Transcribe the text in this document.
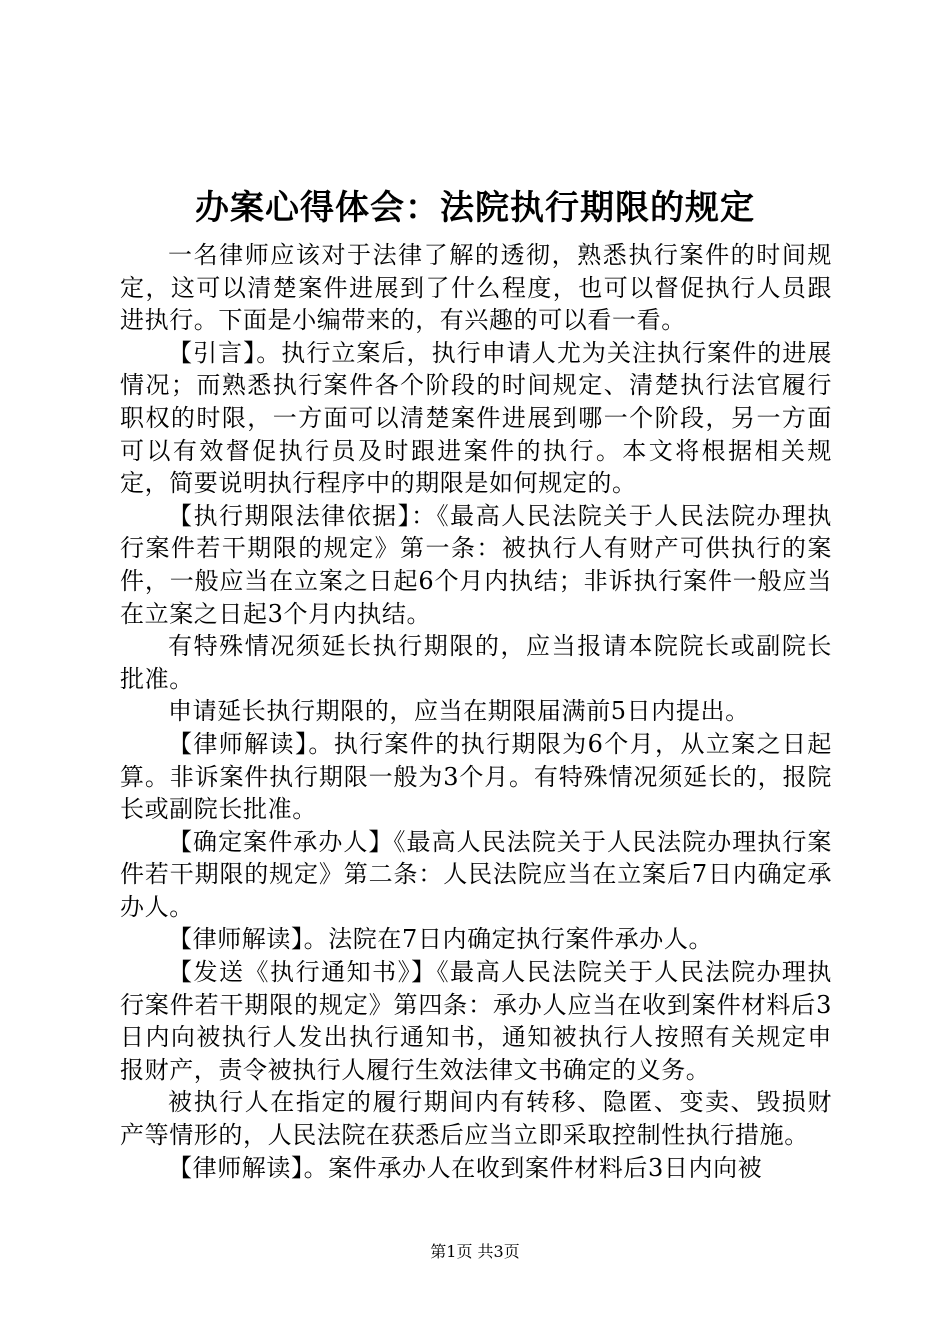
办案心得体会：法院执行期限的规定

一名律师应该对于法律了解的透彻，熟悉执行案件的时间规定，这可以清楚案件进展到了什么程度，也可以督促执行人员跟进执行。下面是小编带来的，有兴趣的可以看一看。

【引言】。执行立案后，执行申请人尤为关注执行案件的进展情况；而熟悉执行案件各个阶段的时间规定、清楚执行法官履行职权的时限，一方面可以清楚案件进展到哪一个阶段，另一方面可以有效督促执行员及时跟进案件的执行。本文将根据相关规定，简要说明执行程序中的期限是如何规定的。

【执行期限法律依据】：《最高人民法院关于人民法院办理执行案件若干期限的规定》第一条：被执行人有财产可供执行的案件，一般应当在立案之日起6个月内执结；非诉执行案件一般应当在立案之日起3个月内执结。

有特殊情况须延长执行期限的，应当报请本院院长或副院长批准。

申请延长执行期限的，应当在期限届满前5日内提出。

【律师解读】。执行案件的执行期限为6个月，从立案之日起算。非诉案件执行期限一般为3个月。有特殊情况须延长的，报院长或副院长批准。

【确定案件承办人】《最高人民法院关于人民法院办理执行案件若干期限的规定》第二条：人民法院应当在立案后7日内确定承办人。

【律师解读】。法院在7日内确定执行案件承办人。

【发送《执行通知书》】《最高人民法院关于人民法院办理执行案件若干期限的规定》第四条：承办人应当在收到案件材料后3日内向被执行人发出执行通知书，通知被执行人按照有关规定申报财产，责令被执行人履行生效法律文书确定的义务。

被执行人在指定的履行期间内有转移、隐匿、变卖、毁损财产等情形的，人民法院在获悉后应当立即采取控制性执行措施。

【律师解读】。案件承办人在收到案件材料后3日内向被

第1页 共3页
